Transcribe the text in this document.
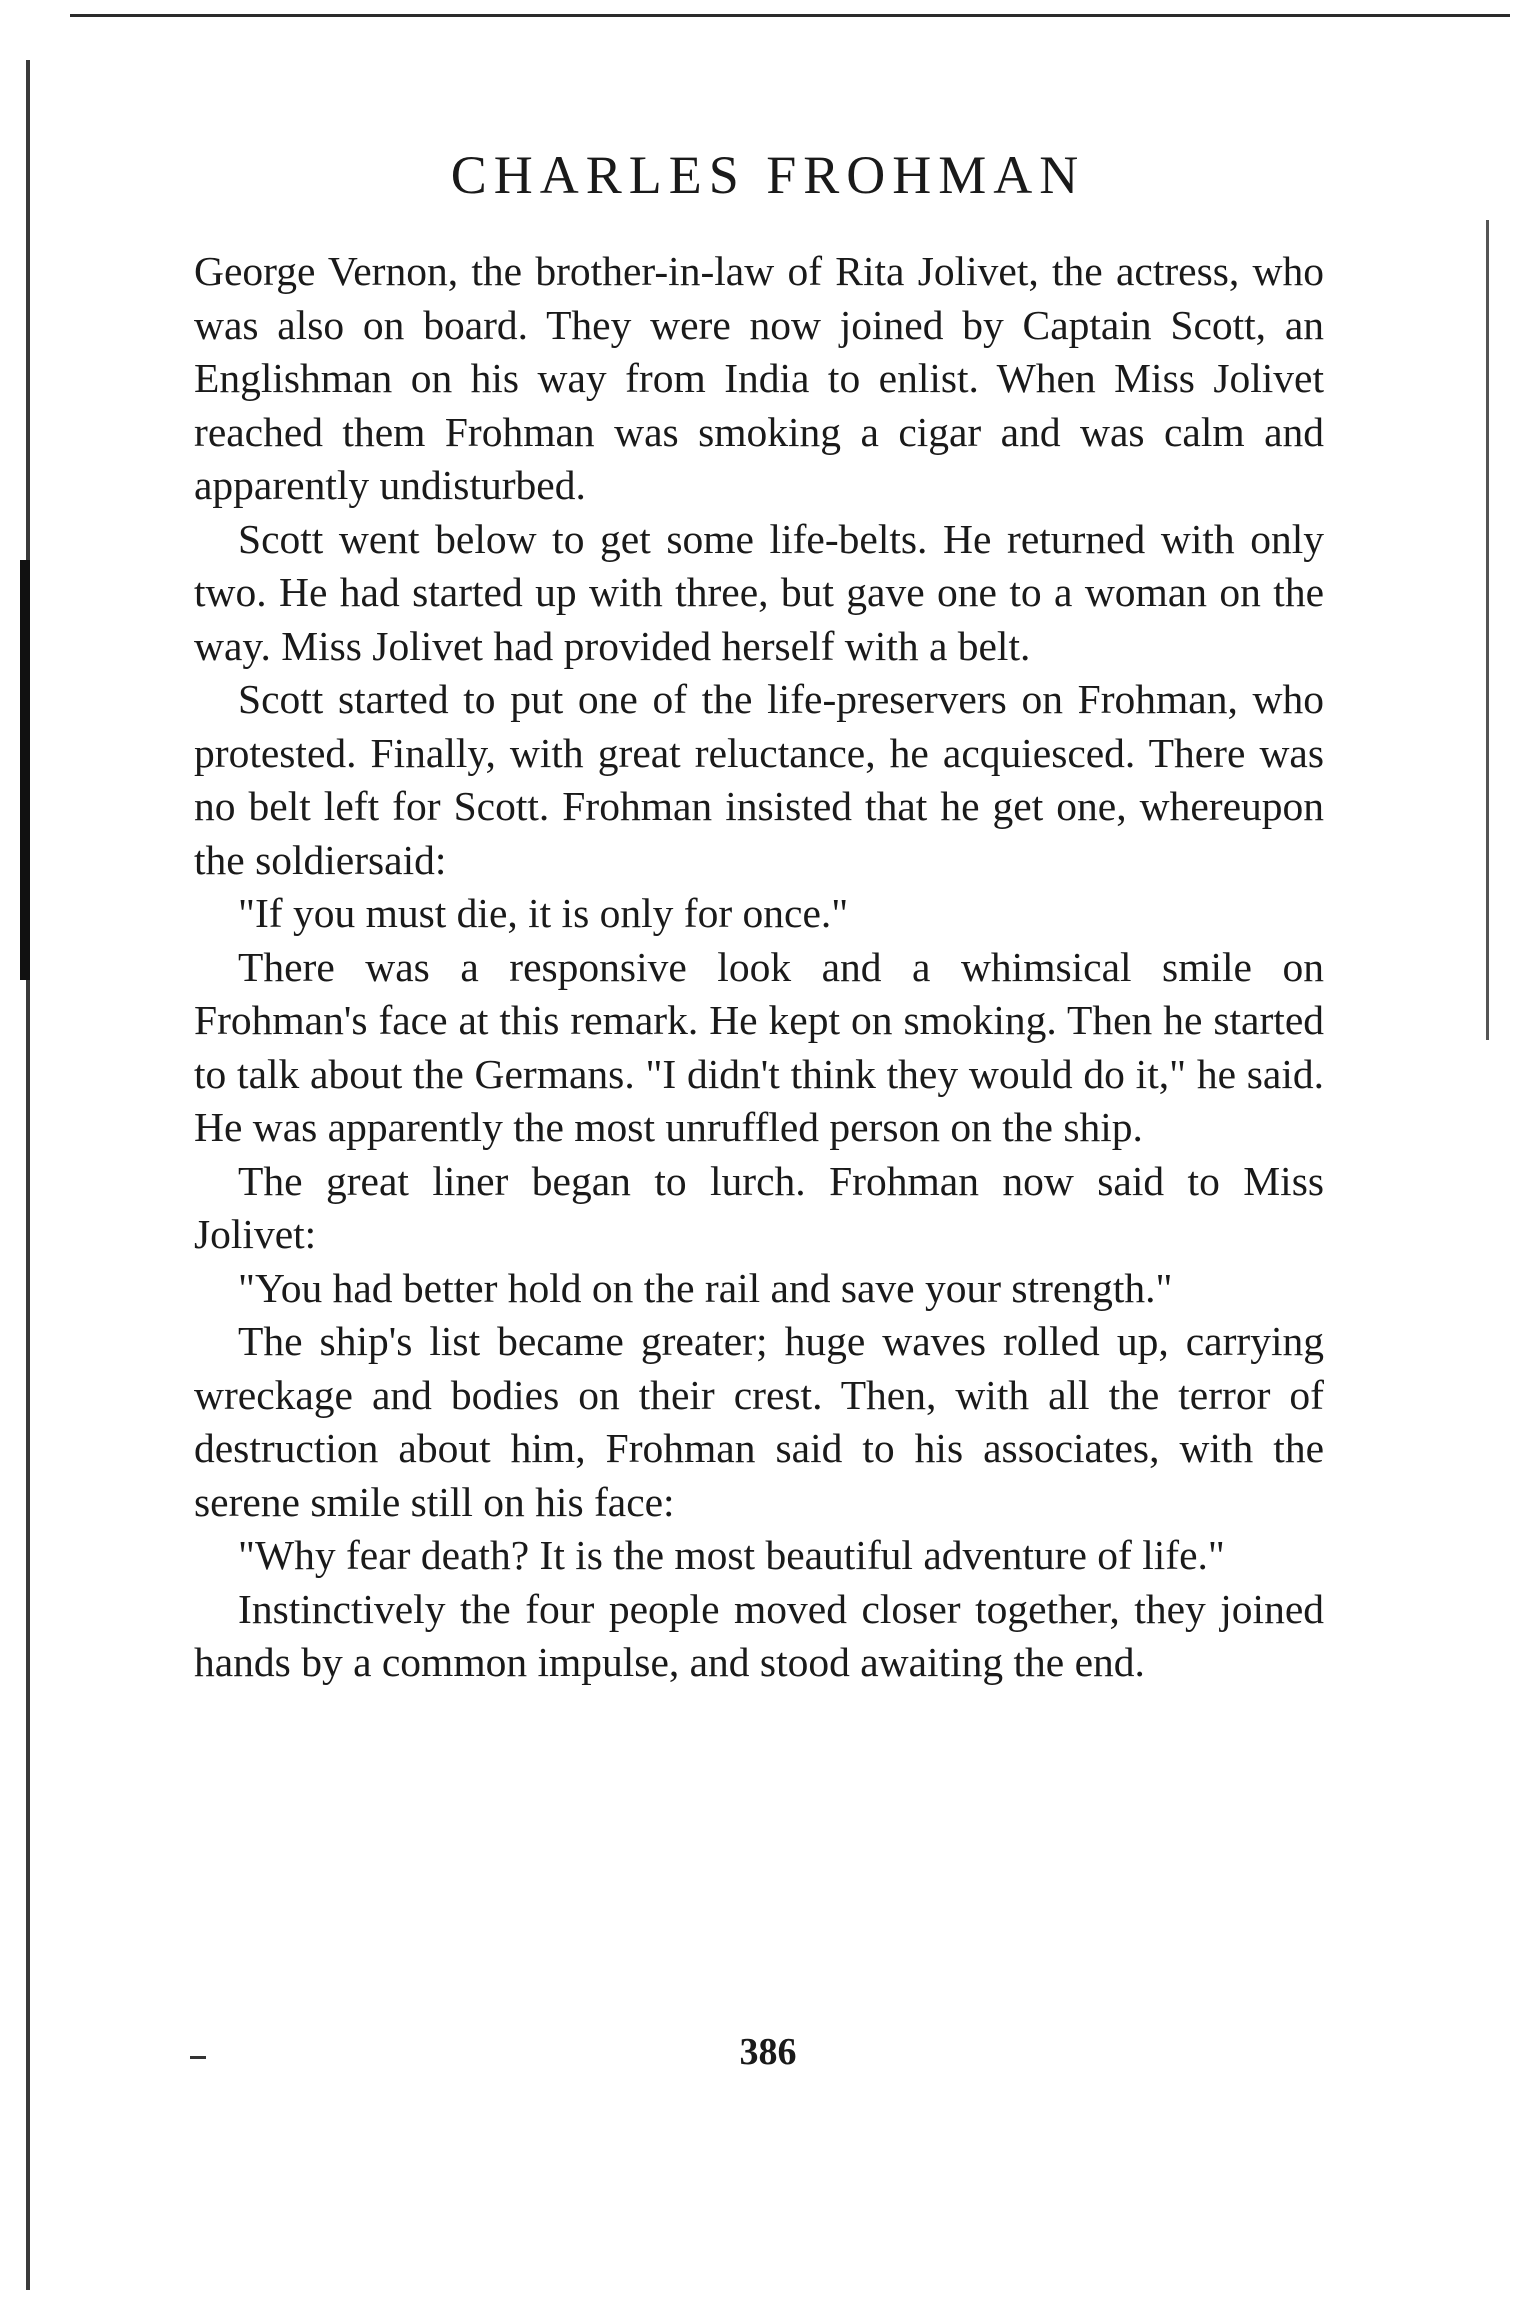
CHARLES FROHMAN

George Vernon, the brother-in-law of Rita Jolivet, the actress, who was also on board. They were now joined by Captain Scott, an Englishman on his way from India to enlist. When Miss Jolivet reached them Frohman was smoking a cigar and was calm and apparently undisturbed.

Scott went below to get some life-belts. He returned with only two. He had started up with three, but gave one to a woman on the way. Miss Jolivet had provided herself with a belt.

Scott started to put one of the life-preservers on Frohman, who protested. Finally, with great reluctance, he acquiesced. There was no belt left for Scott. Frohman insisted that he get one, whereupon the soldiersaid:

"If you must die, it is only for once."

There was a responsive look and a whimsical smile on Frohman's face at this remark. He kept on smoking. Then he started to talk about the Germans. "I didn't think they would do it," he said. He was apparently the most unruffled person on the ship.

The great liner began to lurch. Frohman now said to Miss Jolivet:

"You had better hold on the rail and save your strength."

The ship's list became greater; huge waves rolled up, carrying wreckage and bodies on their crest. Then, with all the terror of destruction about him, Frohman said to his associates, with the serene smile still on his face:

"Why fear death? It is the most beautiful adventure of life."

Instinctively the four people moved closer together, they joined hands by a common impulse, and stood awaiting the end.

386
